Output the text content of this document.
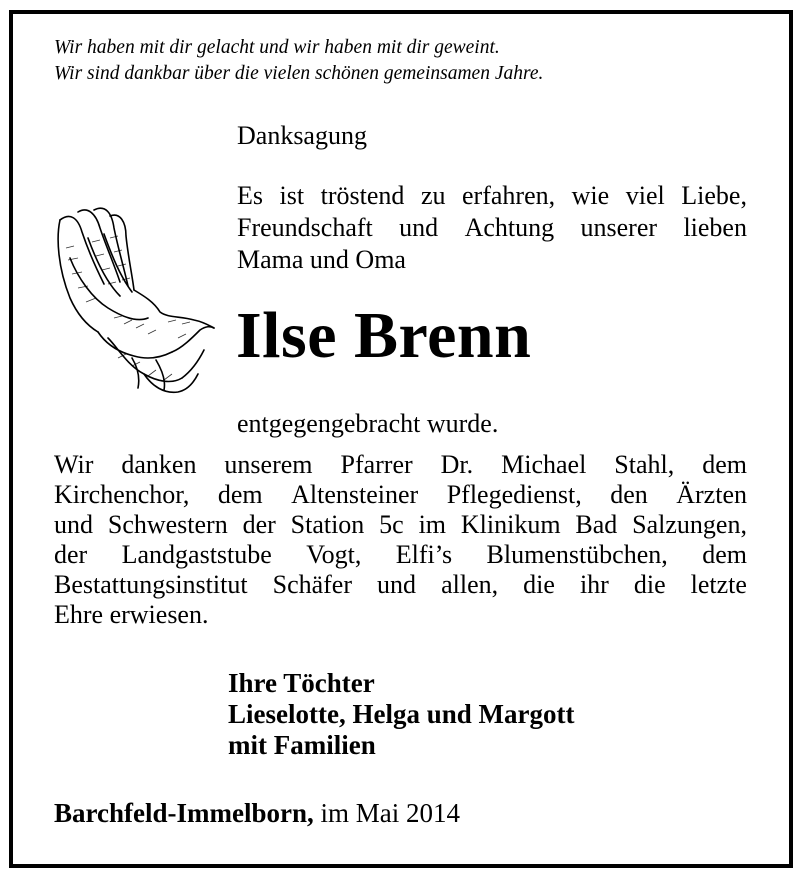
Wir haben mit dir gelacht und wir haben mit dir geweint.
Wir sind dankbar über die vielen schönen gemeinsamen Jahre.
Danksagung
Es ist tröstend zu erfahren, wie viel Liebe,
Freundschaft und Achtung unserer lieben
Mama und Oma
Ilse Brenn
entgegengebracht wurde.
Wir danken unserem Pfarrer Dr. Michael Stahl, dem
Kirchenchor, dem Altensteiner Pflegedienst, den Ärzten
und Schwestern der Station 5c im Klinikum Bad Salzungen,
der Landgaststube Vogt, Elfi’s Blumenstübchen, dem
Bestattungsinstitut Schäfer und allen, die ihr die letzte
Ehre erwiesen.
Ihre Töchter
Lieselotte, Helga und Margott
mit Familien
Barchfeld-Immelborn, im Mai 2014
